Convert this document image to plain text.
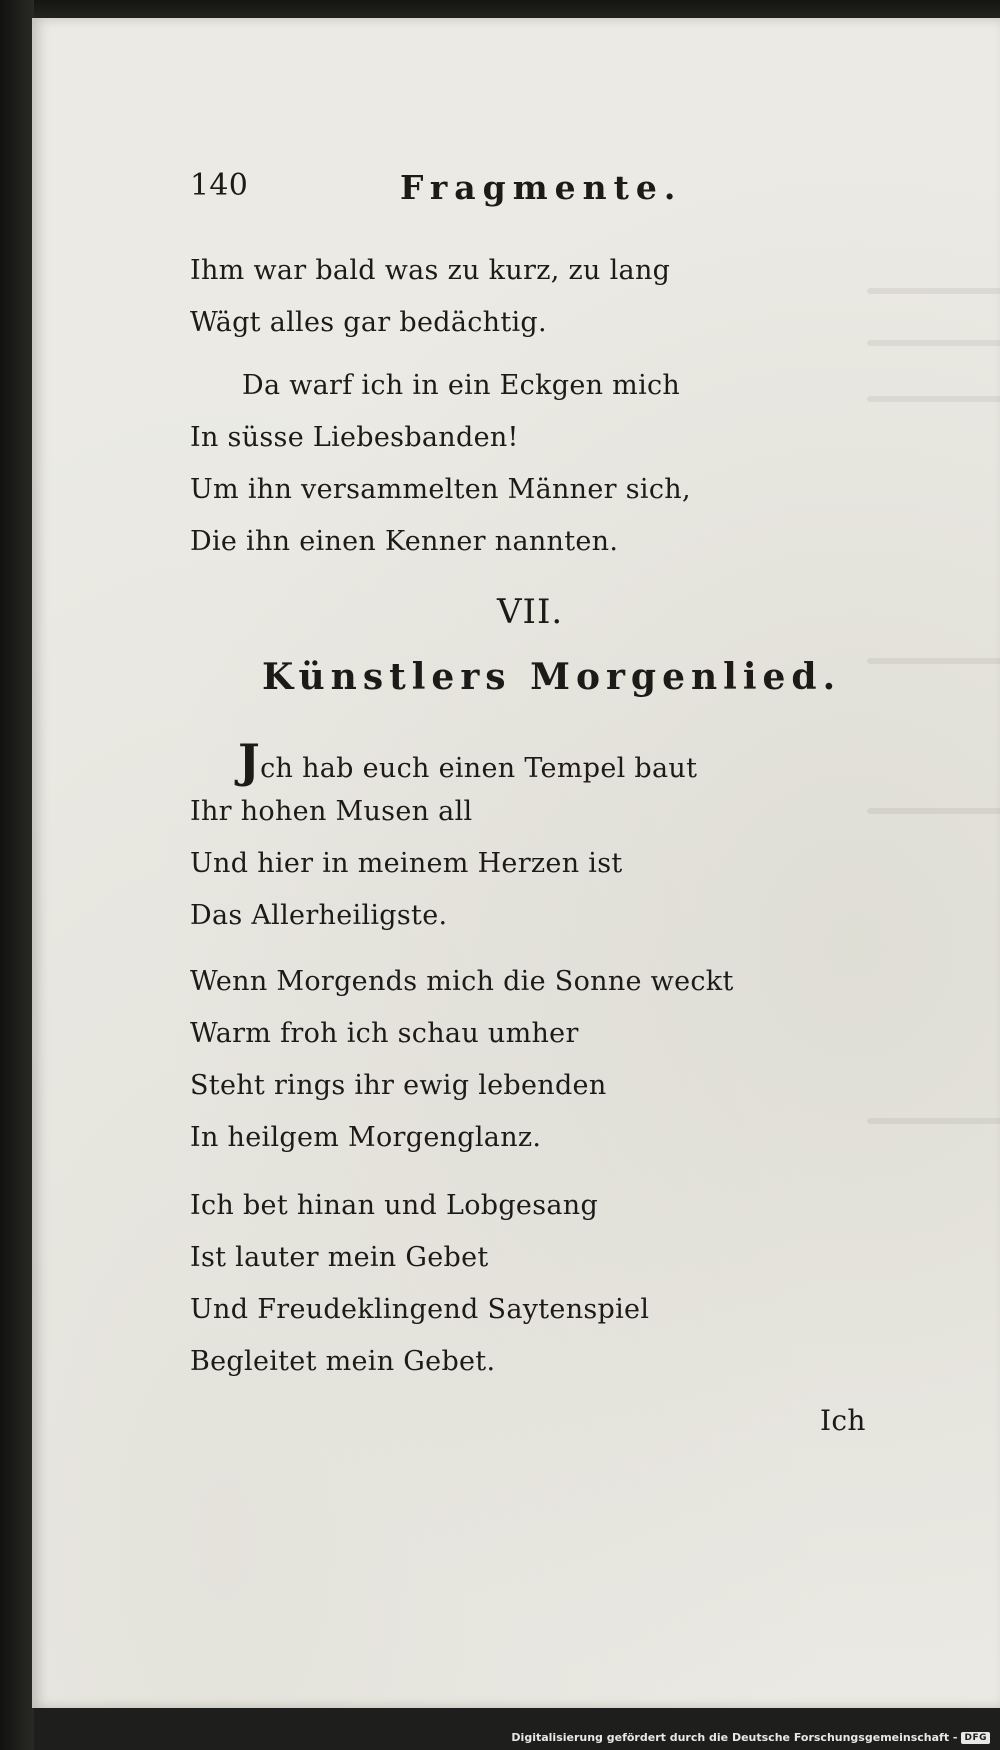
140	Fragmente.
Ihm war bald was zu kurz, zu lang
Wägt alles gar bedächtig.
Da warf ich in ein Eckgen mich
In süsse Liebesbanden!
Um ihn versammelten Männer sich,
Die ihn einen Kenner nannten.
VII.
Künstlers Morgenlied.
Jch hab euch einen Tempel baut
Ihr hohen Musen all
Und hier in meinem Herzen ist
Das Allerheiligste.
Wenn Morgends mich die Sonne weckt
Warm froh ich schau umher
Steht rings ihr ewig lebenden
In heilgem Morgenglanz.
Ich bet hinan und Lobgesang
Ist lauter mein Gebet
Und Freudeklingend Saytenspiel
Begleitet mein Gebet.
Ich
Digitalisierung gefördert durch die Deutsche Forschungsgemeinschaft - DFG
